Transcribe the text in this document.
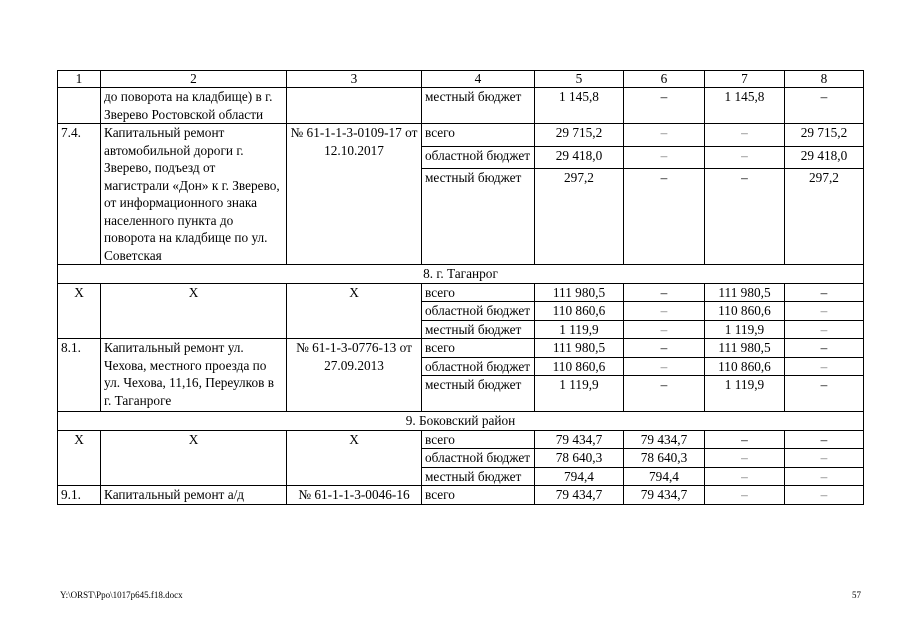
1	2	3	4	5	6	7	8
	до поворота на кладбище) в г. Зверево Ростовской области		местный бюджет	1 145,8	–	1 145,8	–
7.4.	Капитальный ремонт автомобильной дороги г. Зверево, подъезд от магистрали «Дон» к г. Зверево, от информационного знака населенного пункта до поворота на кладбище по ул. Советская	№ 61-1-1-3-0109-17 от 12.10.2017	всего	29 715,2	–	–	29 715,2
			областной бюджет	29 418,0	–	–	29 418,0
			местный бюджет	297,2	–	–	297,2
8. г. Таганрог							
X	X	X	всего	111 980,5	–	111 980,5	–
			областной бюджет	110 860,6	–	110 860,6	–
			местный бюджет	1 119,9	–	1 119,9	–
8.1.	Капитальный ремонт ул. Чехова, местного проезда по ул. Чехова, 11,16, Переулков в г. Таганроге	№ 61-1-3-0776-13 от 27.09.2013	всего	111 980,5	–	111 980,5	–
			областной бюджет	110 860,6	–	110 860,6	–
			местный бюджет	1 119,9	–	1 119,9	–
9. Боковский район							
X	X	X	всего	79 434,7	79 434,7	–	–
			областной бюджет	78 640,3	78 640,3	–	–
			местный бюджет	794,4	794,4	–	–
9.1.	Капитальный ремонт а/д	№ 61-1-1-3-0046-16	всего	79 434,7	79 434,7	–	–
Y:\ORST\Ppo\1017p645.f18.docx	57
